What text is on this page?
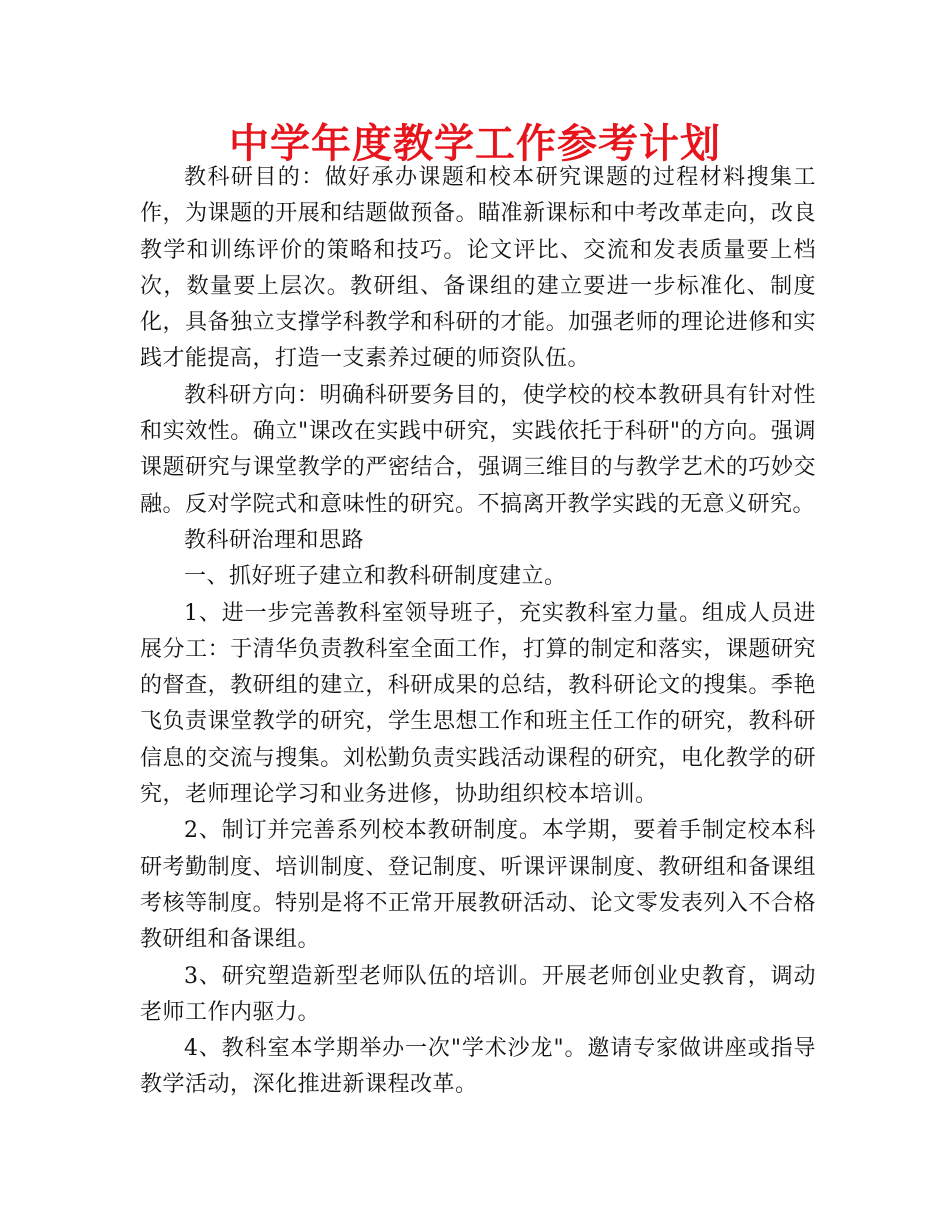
中学年度教学工作参考计划

教科研目的：做好承办课题和校本研究课题的过程材料搜集工作，为课题的开展和结题做预备。瞄准新课标和中考改革走向，改良教学和训练评价的策略和技巧。论文评比、交流和发表质量要上档次，数量要上层次。教研组、备课组的建立要进一步标准化、制度化，具备独立支撑学科教学和科研的才能。加强老师的理论进修和实践才能提高，打造一支素养过硬的师资队伍。

教科研方向：明确科研要务目的，使学校的校本教研具有针对性和实效性。确立"课改在实践中研究，实践依托于科研"的方向。强调课题研究与课堂教学的严密结合，强调三维目的与教学艺术的巧妙交融。反对学院式和意味性的研究。不搞离开教学实践的无意义研究。

教科研治理和思路

一、抓好班子建立和教科研制度建立。

1、进一步完善教科室领导班子，充实教科室力量。组成人员进展分工：于清华负责教科室全面工作，打算的制定和落实，课题研究的督查，教研组的建立，科研成果的总结，教科研论文的搜集。季艳飞负责课堂教学的研究，学生思想工作和班主任工作的研究，教科研信息的交流与搜集。刘松勤负责实践活动课程的研究，电化教学的研究，老师理论学习和业务进修，协助组织校本培训。

2、制订并完善系列校本教研制度。本学期，要着手制定校本科研考勤制度、培训制度、登记制度、听课评课制度、教研组和备课组考核等制度。特别是将不正常开展教研活动、论文零发表列入不合格教研组和备课组。

3、研究塑造新型老师队伍的培训。开展老师创业史教育，调动老师工作内驱力。

4、教科室本学期举办一次"学术沙龙"。邀请专家做讲座或指导教学活动，深化推进新课程改革。
